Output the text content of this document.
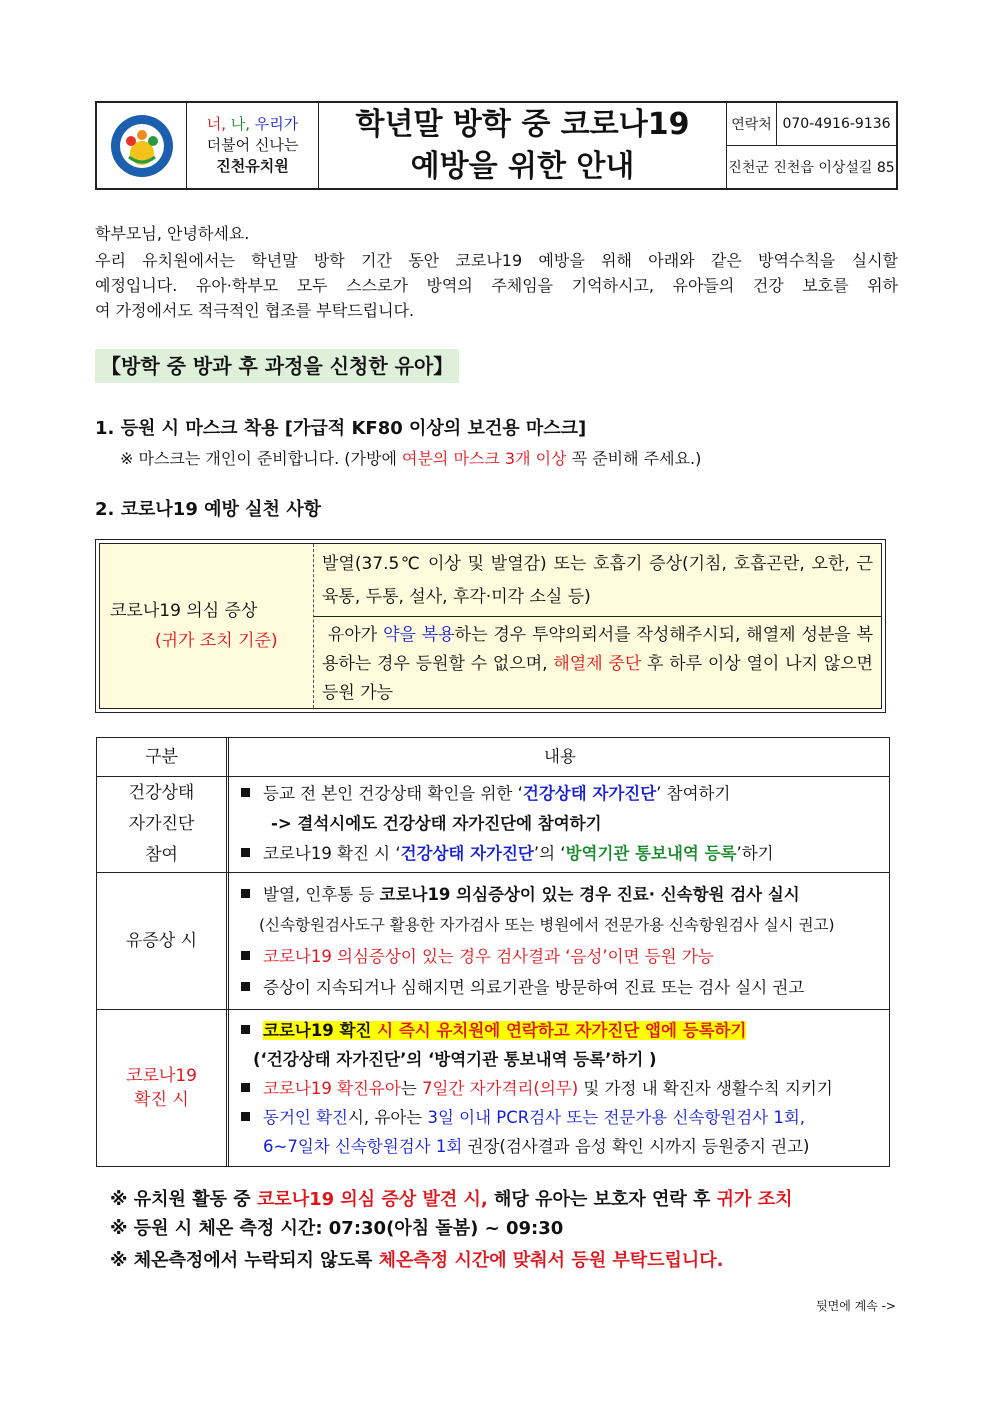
너, 나, 우리가
더불어 신나는
진천유치원
학년말 방학 중 코로나19
예방을 위한 안내
연락처 070-4916-9136
진천군 진천읍 이상설길 85
학부모님, 안녕하세요.
우리 유치원에서는 학년말 방학 기간 동안 코로나19 예방을 위해 아래와 같은 방역수칙을 실시할
예정입니다. 유아·학부모 모두 스스로가 방역의 주체임을 기억하시고, 유아들의 건강 보호를 위하
여 가정에서도 적극적인 협조를 부탁드립니다.
【방학 중 방과 후 과정을 신청한 유아】
1. 등원 시 마스크 착용 [가급적 KF80 이상의 보건용 마스크]
※ 마스크는 개인이 준비합니다. (가방에 여분의 마스크 3개 이상 꼭 준비해 주세요.)
2. 코로나19 예방 실천 사항
코로나19 의심 증상
(귀가 조치 기준)
발열(37.5℃ 이상 및 발열감) 또는 호흡기 증상(기침, 호흡곤란, 오한, 근육통, 두통, 설사, 후각·미각 소실 등)
유아가 약을 복용하는 경우 투약의뢰서를 작성해주시되, 해열제 성분을 복용하는 경우 등원할 수 없으며, 해열제 중단 후 하루 이상 열이 나지 않으면 등원 가능
구분	내용
건강상태
자가진단
참여
등교 전 본인 건강상태 확인을 위한 ‘건강상태 자가진단’ 참여하기
-> 결석시에도 건강상태 자가진단에 참여하기
코로나19 확진 시 ‘건강상태 자가진단’의 ‘방역기관 통보내역 등록’하기
유증상 시
발열, 인후통 등 코로나19 의심증상이 있는 경우 진료· 신속항원 검사 실시
(신속항원검사도구 활용한 자가검사 또는 병원에서 전문가용 신속항원검사 실시 권고)
코로나19 의심증상이 있는 경우 검사결과 ‘음성’이면 등원 가능
증상이 지속되거나 심해지면 의료기관을 방문하여 진료 또는 검사 실시 권고
코로나19
확진 시
코로나19 확진 시 즉시 유치원에 연락하고 자가진단 앱에 등록하기
(‘건강상태 자가진단’의 ‘방역기관 통보내역 등록’하기 )
코로나19 확진유아는 7일간 자가격리(의무) 및 가정 내 확진자 생활수칙 지키기
동거인 확진시, 유아는 3일 이내 PCR검사 또는 전문가용 신속항원검사 1회,
6~7일차 신속항원검사 1회 권장(검사결과 음성 확인 시까지 등원중지 권고)
※ 유치원 활동 중 코로나19 의심 증상 발견 시, 해당 유아는 보호자 연락 후 귀가 조치
※ 등원 시 체온 측정 시간: 07:30(아침 돌봄) ~ 09:30
※ 체온측정에서 누락되지 않도록 체온측정 시간에 맞춰서 등원 부탁드립니다.
뒷면에 계속 ->
